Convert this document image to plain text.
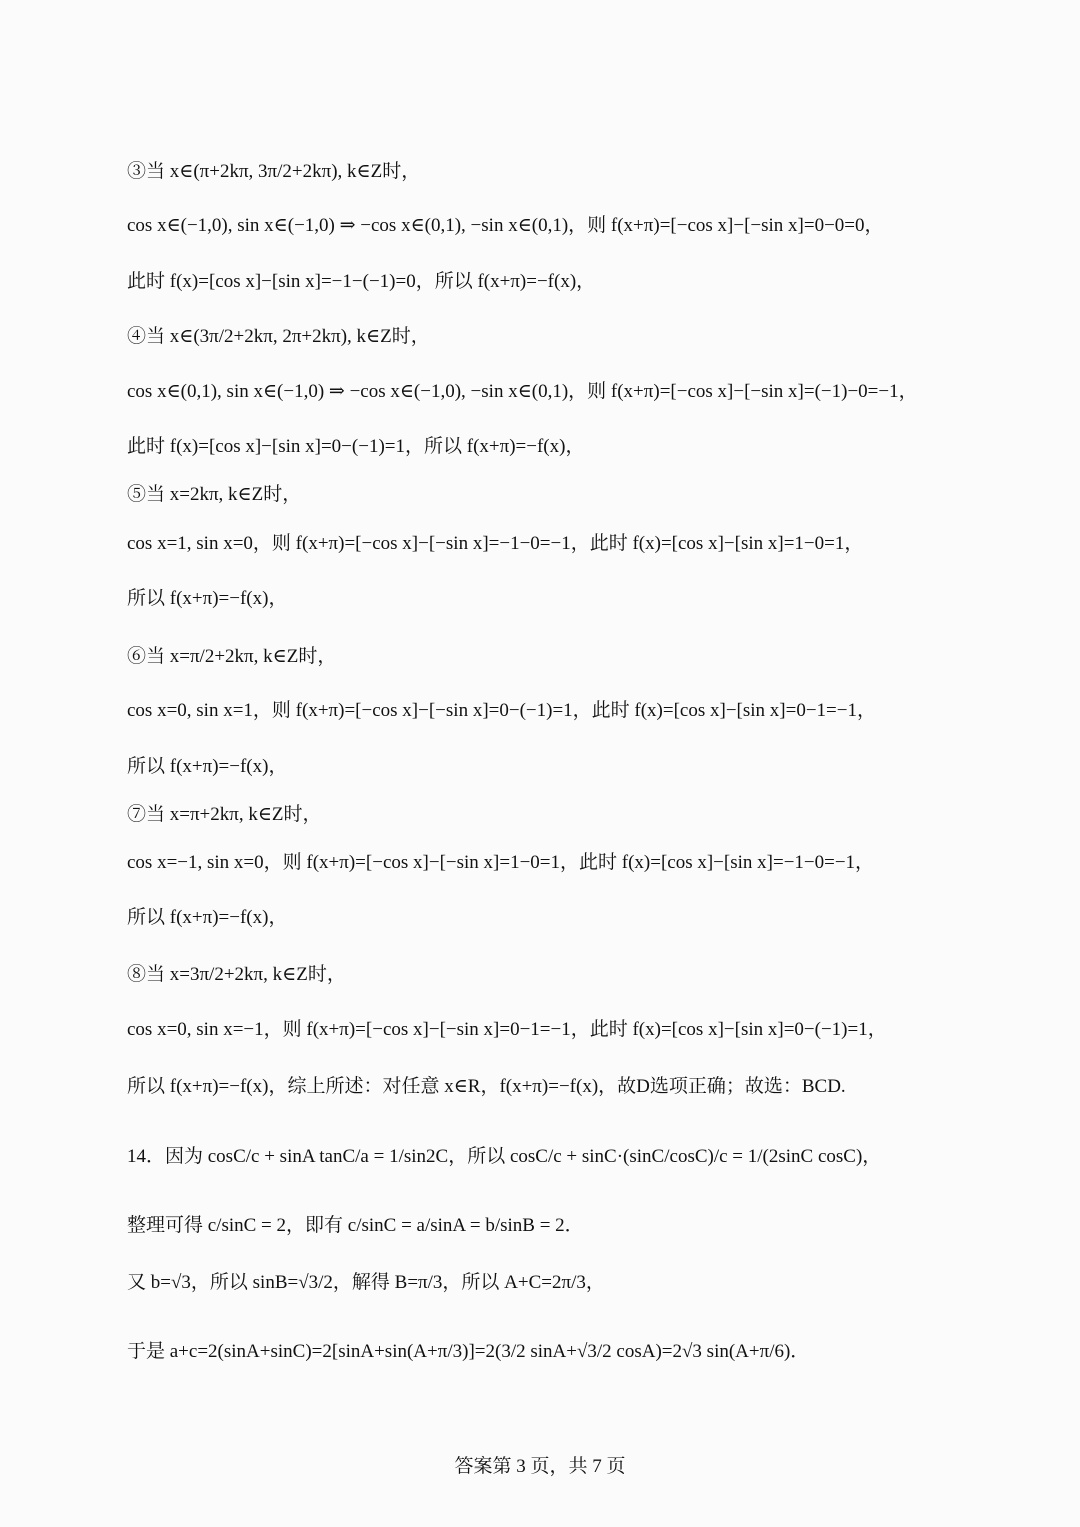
③当 x∈(π+2kπ, 3π/2+2kπ), k∈Z时，
cos x∈(−1,0), sin x∈(−1,0) ⇒ −cos x∈(0,1), −sin x∈(0,1)，则 f(x+π)=[−cos x]−[−sin x]=0−0=0，
此时 f(x)=[cos x]−[sin x]=−1−(−1)=0，所以 f(x+π)=−f(x)，
④当 x∈(3π/2+2kπ, 2π+2kπ), k∈Z时，
cos x∈(0,1), sin x∈(−1,0) ⇒ −cos x∈(−1,0), −sin x∈(0,1)，则 f(x+π)=[−cos x]−[−sin x]=(−1)−0=−1，
此时 f(x)=[cos x]−[sin x]=0−(−1)=1，所以 f(x+π)=−f(x)，
⑤当 x=2kπ, k∈Z时，
cos x=1, sin x=0，则 f(x+π)=[−cos x]−[−sin x]=−1−0=−1，此时 f(x)=[cos x]−[sin x]=1−0=1，
所以 f(x+π)=−f(x)，
⑥当 x=π/2+2kπ, k∈Z时，
cos x=0, sin x=1，则 f(x+π)=[−cos x]−[−sin x]=0−(−1)=1，此时 f(x)=[cos x]−[sin x]=0−1=−1，
所以 f(x+π)=−f(x)，
⑦当 x=π+2kπ, k∈Z时，
cos x=−1, sin x=0，则 f(x+π)=[−cos x]−[−sin x]=1−0=1，此时 f(x)=[cos x]−[sin x]=−1−0=−1，
所以 f(x+π)=−f(x)，
⑧当 x=3π/2+2kπ, k∈Z时，
cos x=0, sin x=−1，则 f(x+π)=[−cos x]−[−sin x]=0−1=−1，此时 f(x)=[cos x]−[sin x]=0−(−1)=1，
所以 f(x+π)=−f(x)，综上所述：对任意 x∈R，f(x+π)=−f(x)，故D选项正确；故选：BCD.
14．因为 cosC/c + sinA tanC/a = 1/sin2C，所以 cosC/c + sinC·(sinC/cosC)/c = 1/(2sinC cosC)，
整理可得 c/sinC = 2，即有 c/sinC = a/sinA = b/sinB = 2．
又 b=√3，所以 sinB=√3/2，解得 B=π/3，所以 A+C=2π/3，
于是 a+c=2(sinA+sinC)=2[sinA+sin(A+π/3)]=2(3/2 sinA+√3/2 cosA)=2√3 sin(A+π/6)．
答案第 3 页，共 7 页
